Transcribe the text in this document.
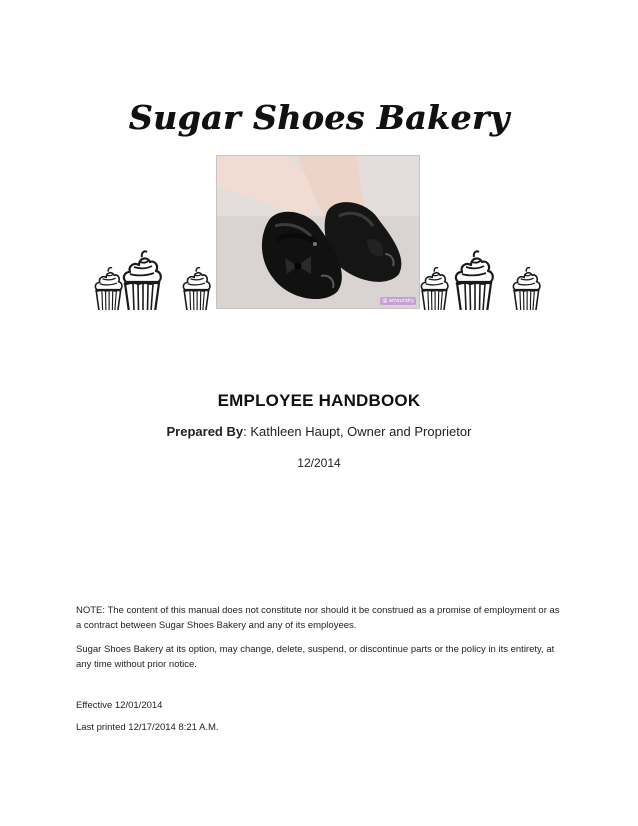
Sugar Shoes Bakery
@ amsundry
EMPLOYEE HANDBOOK
Prepared By: Kathleen Haupt, Owner and Proprietor
12/2014
NOTE: The content of this manual does not constitute nor should it be construed as a promise of employment or as a contract between Sugar Shoes Bakery and any of its employees.
Sugar Shoes Bakery at its option, may change, delete, suspend, or discontinue parts or the policy in its entirety, at any time without prior notice.
Effective 12/01/2014
Last printed 12/17/2014 8:21 A.M.
